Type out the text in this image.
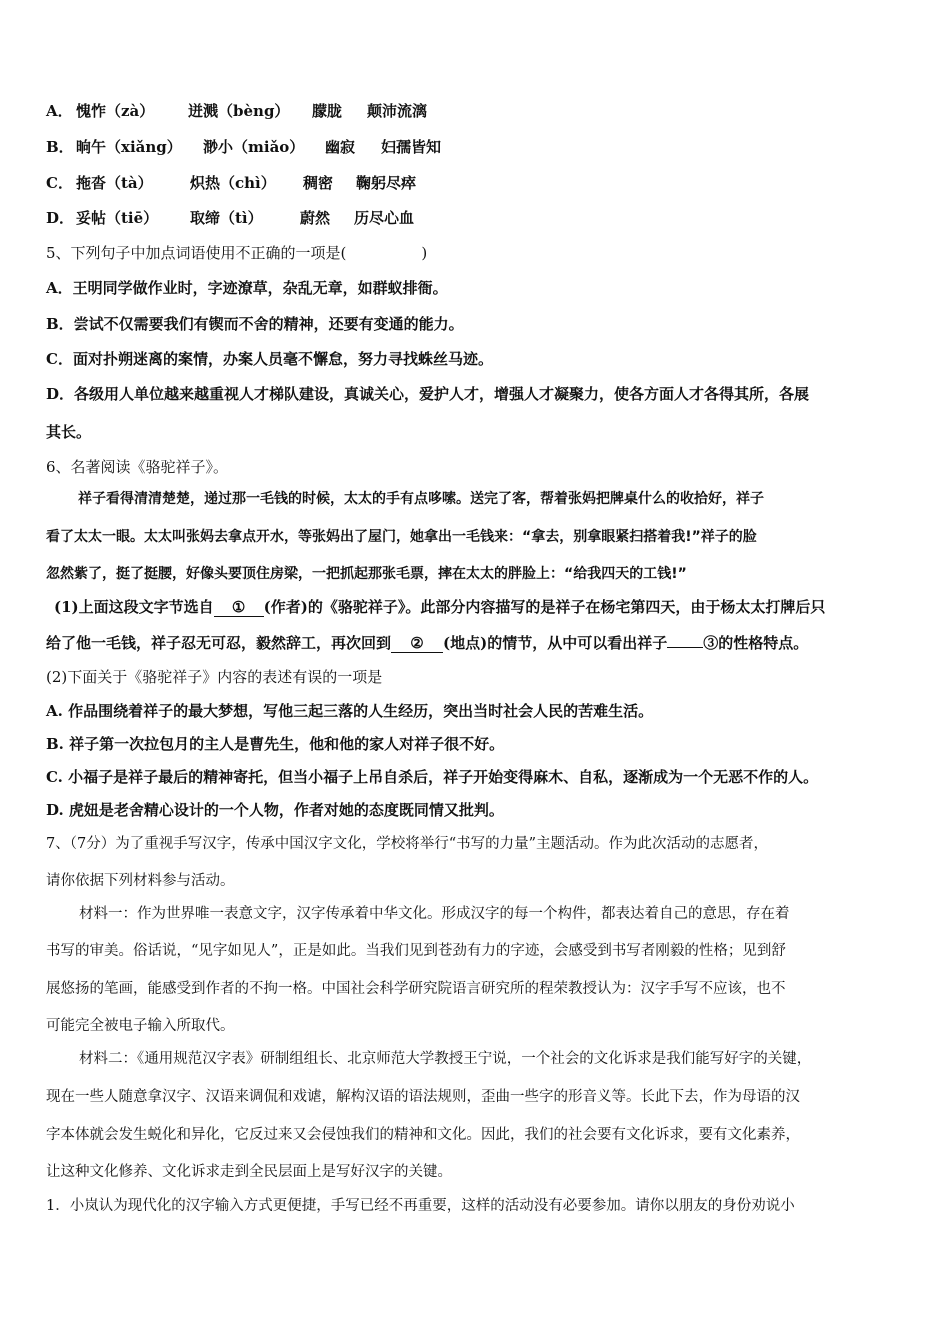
A． 愧怍（zà） 迸溅（bèng） 朦胧 颠沛流漓
B． 晌午（xiǎng） 渺小（miǎo） 幽寂 妇孺皆知
C． 拖沓（tà） 炽热（chì） 稠密 鞠躬尽瘁
D． 妥帖（tiē） 取缔（tì） 蔚然 历尽心血
5、下列句子中加点词语使用不正确的一项是(　　　　　)
A．王明同学做作业时，字迹潦草，杂乱无章，如群蚁排衙。
B．尝试不仅需要我们有锲而不舍的精神，还要有变通的能力。
C．面对扑朔迷离的案情，办案人员毫不懈怠，努力寻找蛛丝马迹。
D．各级用人单位越来越重视人才梯队建设，真诚关心，爱护人才，增强人才凝聚力，使各方面人才各得其所，各展
其长。
6、名著阅读《骆驼祥子》。
祥子看得清清楚楚，递过那一毛钱的时候，太太的手有点哆嗦。送完了客，帮着张妈把牌桌什么的收拾好，祥子
看了太太一眼。太太叫张妈去拿点开水，等张妈出了屋门，她拿出一毛钱来：“拿去，别拿眼紧扫搭着我!”祥子的脸
忽然紫了，挺了挺腰，好像头要顶住房梁，一把抓起那张毛票，摔在太太的胖脸上：“给我四天的工钱!”
(1)上面这段文字节选自 ① (作者)的《骆驼祥子》。此部分内容描写的是祥子在杨宅第四天，由于杨太太打牌后只
给了他一毛钱，祥子忍无可忍，毅然辞工，再次回到 ② (地点)的情节，从中可以看出祥子 ③的性格特点。
(2)下面关于《骆驼祥子》内容的表述有误的一项是
A. 作品围绕着祥子的最大梦想，写他三起三落的人生经历，突出当时社会人民的苦难生活。
B. 祥子第一次拉包月的主人是曹先生，他和他的家人对祥子很不好。
C. 小福子是祥子最后的精神寄托，但当小福子上吊自杀后，祥子开始变得麻木、自私，逐渐成为一个无恶不作的人。
D. 虎妞是老舍精心设计的一个人物，作者对她的态度既同情又批判。
7、（7分）为了重视手写汉字，传承中国汉字文化，学校将举行“书写的力量”主题活动。作为此次活动的志愿者，
请你依据下列材料参与活动。
材料一：作为世界唯一表意文字，汉字传承着中华文化。形成汉字的每一个构件，都表达着自己的意思，存在着
书写的审美。俗话说，“见字如见人”，正是如此。当我们见到苍劲有力的字迹，会感受到书写者刚毅的性格；见到舒
展悠扬的笔画，能感受到作者的不拘一格。中国社会科学研究院语言研究所的程荣教授认为：汉字手写不应该，也不
可能完全被电子输入所取代。
材料二：《通用规范汉字表》研制组组长、北京师范大学教授王宁说，一个社会的文化诉求是我们能写好字的关键，
现在一些人随意拿汉字、汉语来调侃和戏谑，解构汉语的语法规则，歪曲一些字的形音义等。长此下去，作为母语的汉
字本体就会发生蜕化和异化，它反过来又会侵蚀我们的精神和文化。因此，我们的社会要有文化诉求，要有文化素养，
让这种文化修养、文化诉求走到全民层面上是写好汉字的关键。
1．小岚认为现代化的汉字输入方式更便捷，手写已经不再重要，这样的活动没有必要参加。请你以朋友的身份劝说小
